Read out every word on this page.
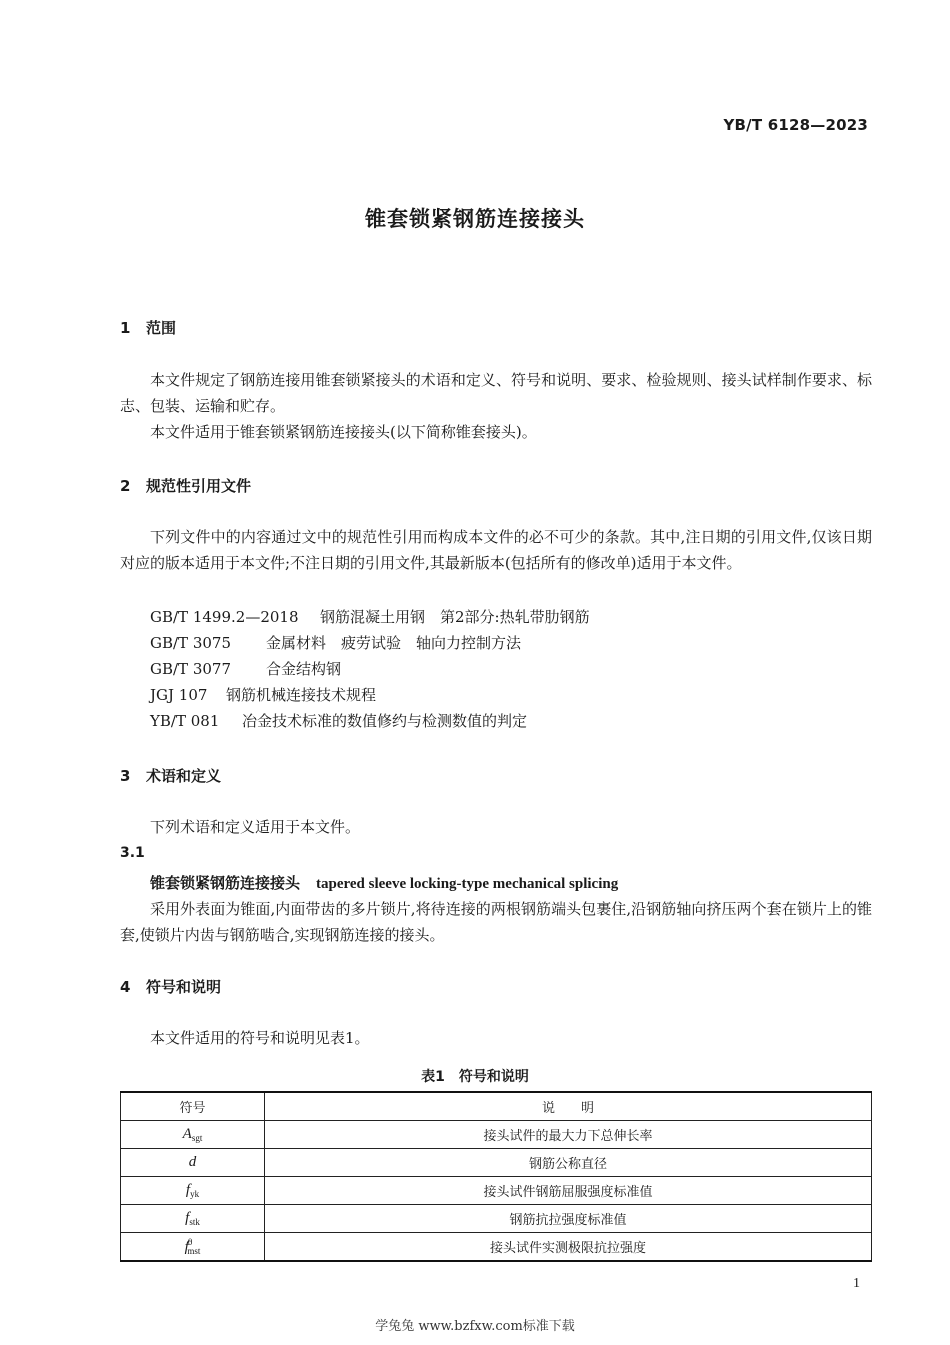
YB/T 6128—2023
锥套锁紧钢筋连接接头
1 范围
本文件规定了钢筋连接用锥套锁紧接头的术语和定义、符号和说明、要求、检验规则、接头试样制作要求、标志、包装、运输和贮存。
本文件适用于锥套锁紧钢筋连接接头(以下简称锥套接头)。
2 规范性引用文件
下列文件中的内容通过文中的规范性引用而构成本文件的必不可少的条款。其中,注日期的引用文件,仅该日期对应的版本适用于本文件;不注日期的引用文件,其最新版本(包括所有的修改单)适用于本文件。
GB/T 1499.2—2018 钢筋混凝土用钢　第2部分:热轧带肋钢筋
GB/T 3075 金属材料　疲劳试验　轴向力控制方法
GB/T 3077 合金结构钢
JGJ 107 钢筋机械连接技术规程
YB/T 081 冶金技术标准的数值修约与检测数值的判定
3 术语和定义
下列术语和定义适用于本文件。
3.1
锥套锁紧钢筋连接接头 tapered sleeve locking-type mechanical splicing
采用外表面为锥面,内面带齿的多片锁片,将待连接的两根钢筋端头包裹住,沿钢筋轴向挤压两个套在锁片上的锥套,使锁片内齿与钢筋啮合,实现钢筋连接的接头。
4 符号和说明
本文件适用的符号和说明见表1。
表1　符号和说明
符号	说　　明
$A_{sgt}$	接头试件的最大力下总伸长率
d	钢筋公称直径
$f_{yk}$	接头试件钢筋屈服强度标准值
$f_{stk}$	钢筋抗拉强度标准值
$f^0_{mst}$	接头试件实测极限抗拉强度
1
学兔兔 www.bzfxw.com标准下载
